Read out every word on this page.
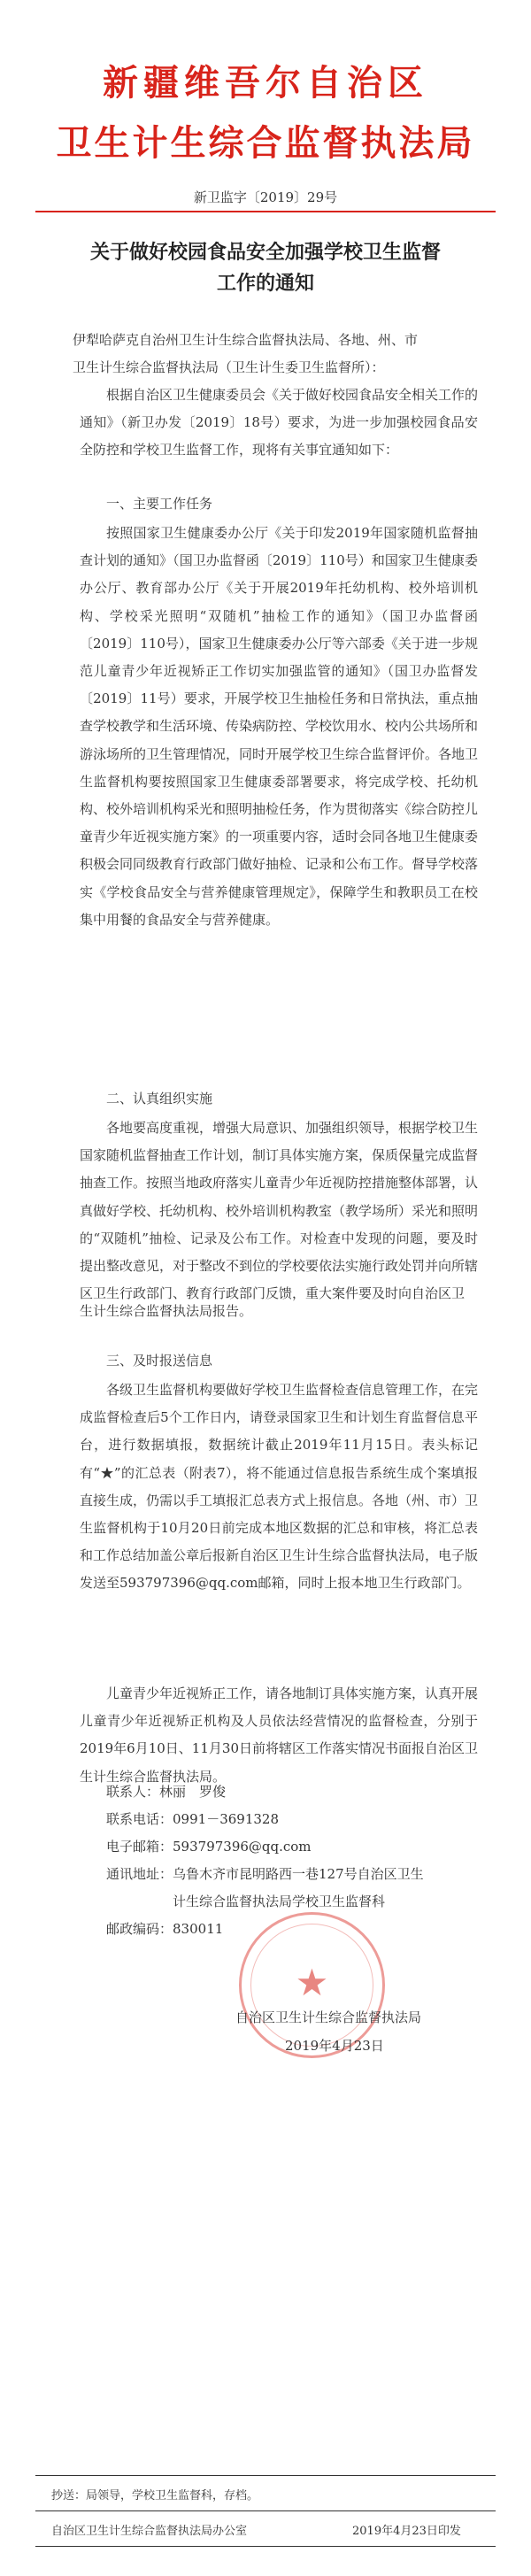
新疆维吾尔自治区
卫生计生综合监督执法局
新卫监字〔2019〕29号
关于做好校园食品安全加强学校卫生监督
工作的通知
伊犁哈萨克自治州卫生计生综合监督执法局、各地、州、市
卫生计生综合监督执法局（卫生计生委卫生监督所）：
根据自治区卫生健康委员会《关于做好校园食品安全相关工作的通知》（新卫办发〔2019〕18号）要求，为进一步加强校园食品安全防控和学校卫生监督工作，现将有关事宜通知如下：
一、主要工作任务
按照国家卫生健康委办公厅《关于印发2019年国家随机监督抽查计划的通知》（国卫办监督函〔2019〕110号）和国家卫生健康委办公厅、教育部办公厅《关于开展2019年托幼机构、校外培训机构、学校采光照明“双随机”抽检工作的通知》（国卫办监督函〔2019〕110号），国家卫生健康委办公厅等六部委《关于进一步规范儿童青少年近视矫正工作切实加强监管的通知》（国卫办监督发〔2019〕11号）要求，开展学校卫生抽检任务和日常执法，重点抽查学校教学和生活环境、传染病防控、学校饮用水、校内公共场所和游泳场所的卫生管理情况，同时开展学校卫生综合监督评价。各地卫生监督机构要按照国家卫生健康委部署要求，将完成学校、托幼机构、校外培训机构采光和照明抽检任务，作为贯彻落实《综合防控儿童青少年近视实施方案》的一项重要内容，适时会同各地卫生健康委积极会同同级教育行政部门做好抽检、记录和公布工作。督导学校落实《学校食品安全与营养健康管理规定》，保障学生和教职员工在校集中用餐的食品安全与营养健康。
二、认真组织实施
各地要高度重视，增强大局意识、加强组织领导，根据学校卫生国家随机监督抽查工作计划，制订具体实施方案，保质保量完成监督抽查工作。按照当地政府落实儿童青少年近视防控措施整体部署，认真做好学校、托幼机构、校外培训机构教室（教学场所）采光和照明的“双随机”抽检、记录及公布工作。对检查中发现的问题，要及时提出整改意见，对于整改不到位的学校要依法实施行政处罚并向所辖区卫生行政部门、教育行政部门反馈，重大案件要及时向自治区卫
生计生综合监督执法局报告。
三、及时报送信息
各级卫生监督机构要做好学校卫生监督检查信息管理工作，在完成监督检查后5个工作日内，请登录国家卫生和计划生育监督信息平台，进行数据填报，数据统计截止2019年11月15日。表头标记有“★”的汇总表（附表7），将不能通过信息报告系统生成个案填报直接生成，仍需以手工填报汇总表方式上报信息。各地（州、市）卫生监督机构于10月20日前完成本地区数据的汇总和审核，将汇总表和工作总结加盖公章后报新自治区卫生计生综合监督执法局，电子版发送至593797396@qq.com邮箱，同时上报本地卫生行政部门。
儿童青少年近视矫正工作，请各地制订具体实施方案，认真开展儿童青少年近视矫正机构及人员依法经营情况的监督检查，分别于2019年6月10日、11月30日前将辖区工作落实情况书面报自治区卫生计生综合监督执法局。
联系人：林丽　罗俊
联系电话：0991－3691328
电子邮箱：593797396@qq.com
通讯地址：乌鲁木齐市昆明路西一巷127号自治区卫生
计生综合监督执法局学校卫生监督科
邮政编码：830011
★
自治区卫生计生综合监督执法局
2019年4月23日
抄送：局领导，学校卫生监督科，存档。
自治区卫生计生综合监督执法局办公室	2019年4月23日印发
